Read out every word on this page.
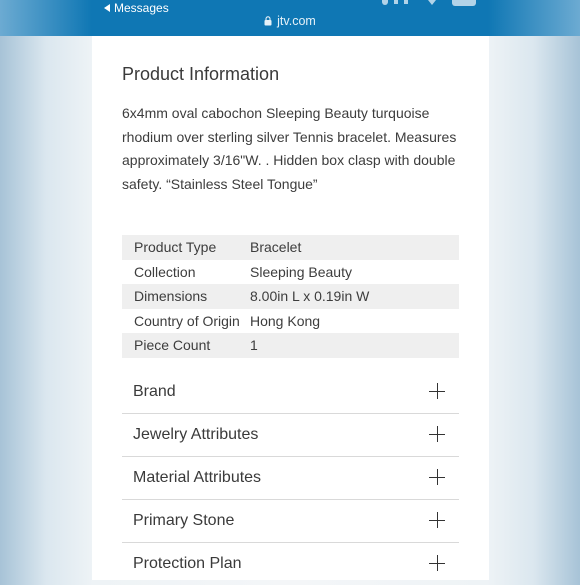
Messages
jtv.com
Product Information
6x4mm oval cabochon Sleeping Beauty turquoise rhodium over sterling silver Tennis bracelet. Measures approximately 3/16"W. . Hidden box clasp with double safety. “Stainless Steel Tongue”
Product Type	Bracelet
Collection	Sleeping Beauty
Dimensions	8.00in L x 0.19in W
Country of Origin	Hong Kong
Piece Count	1
Brand
Jewelry Attributes
Material Attributes
Primary Stone
Protection Plan
